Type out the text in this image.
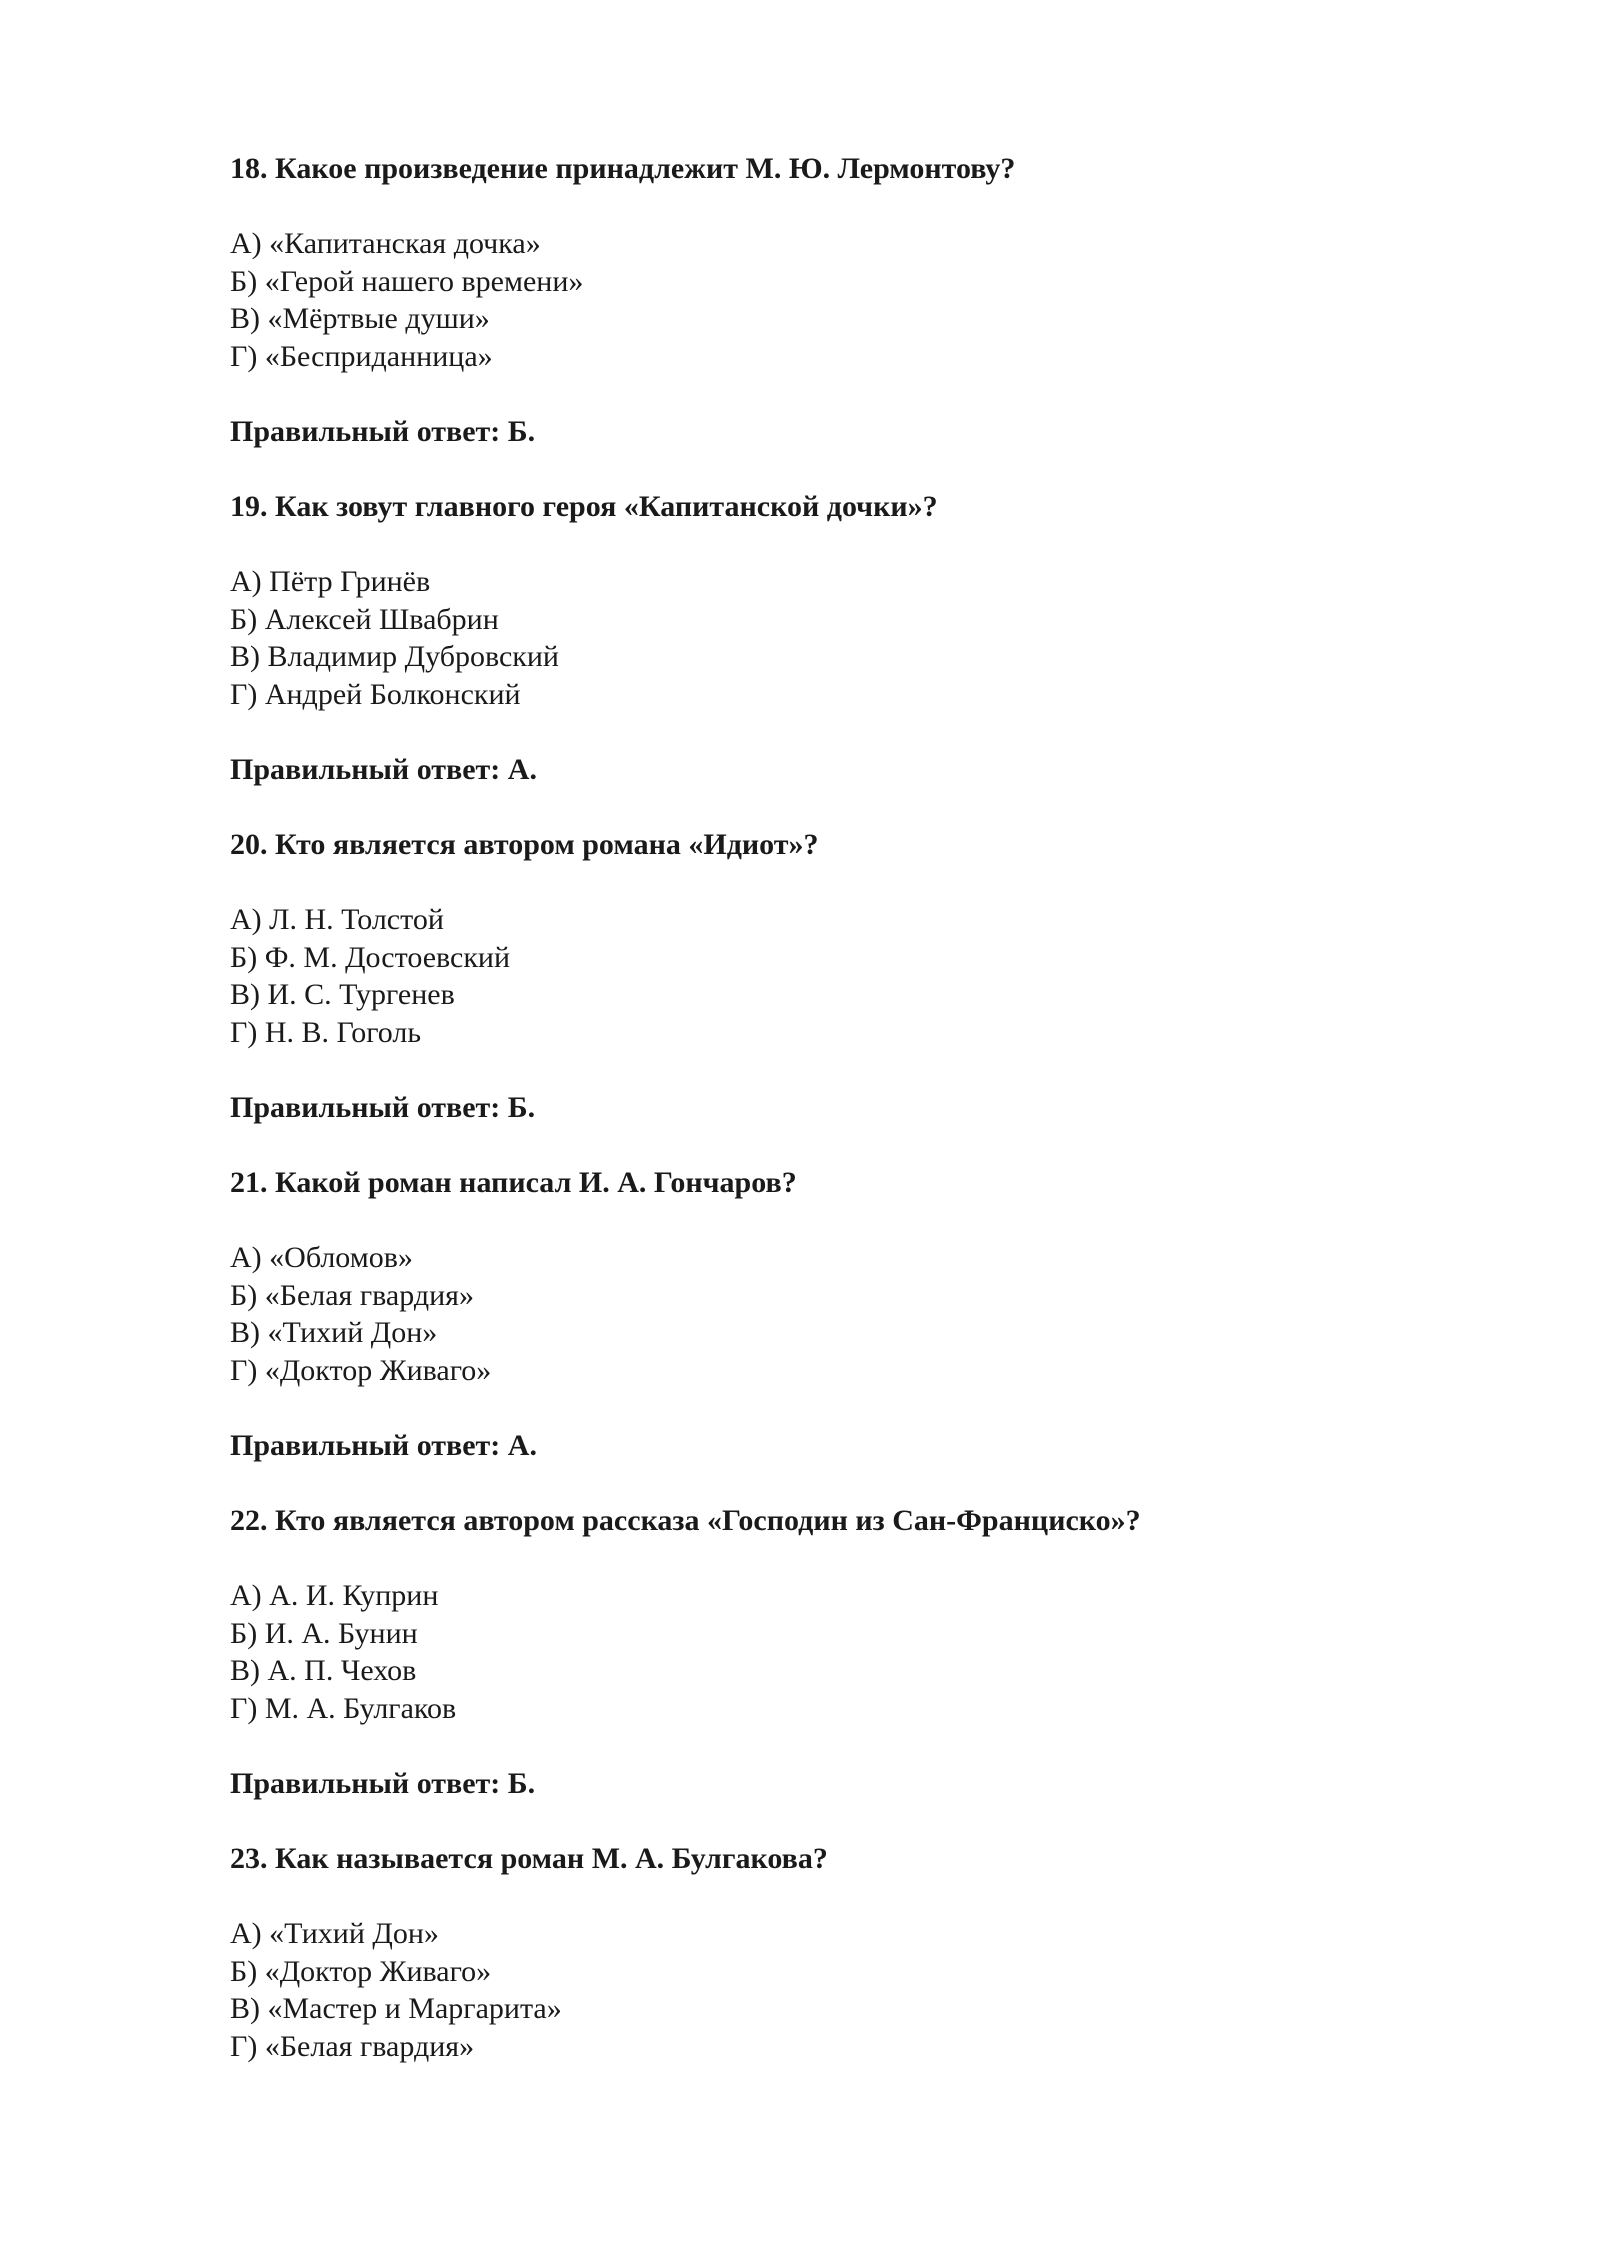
18. Какое произведение принадлежит М. Ю. Лермонтову?
А) «Капитанская дочка»
Б) «Герой нашего времени»
В) «Мёртвые души»
Г) «Бесприданница»
Правильный ответ: Б.
19. Как зовут главного героя «Капитанской дочки»?
А) Пётр Гринёв
Б) Алексей Швабрин
В) Владимир Дубровский
Г) Андрей Болконский
Правильный ответ: А.
20. Кто является автором романа «Идиот»?
А) Л. Н. Толстой
Б) Ф. М. Достоевский
В) И. С. Тургенев
Г) Н. В. Гоголь
Правильный ответ: Б.
21. Какой роман написал И. А. Гончаров?
А) «Обломов»
Б) «Белая гвардия»
В) «Тихий Дон»
Г) «Доктор Живаго»
Правильный ответ: А.
22. Кто является автором рассказа «Господин из Сан-Франциско»?
А) А. И. Куприн
Б) И. А. Бунин
В) А. П. Чехов
Г) М. А. Булгаков
Правильный ответ: Б.
23. Как называется роман М. А. Булгакова?
А) «Тихий Дон»
Б) «Доктор Живаго»
В) «Мастер и Маргарита»
Г) «Белая гвардия»
